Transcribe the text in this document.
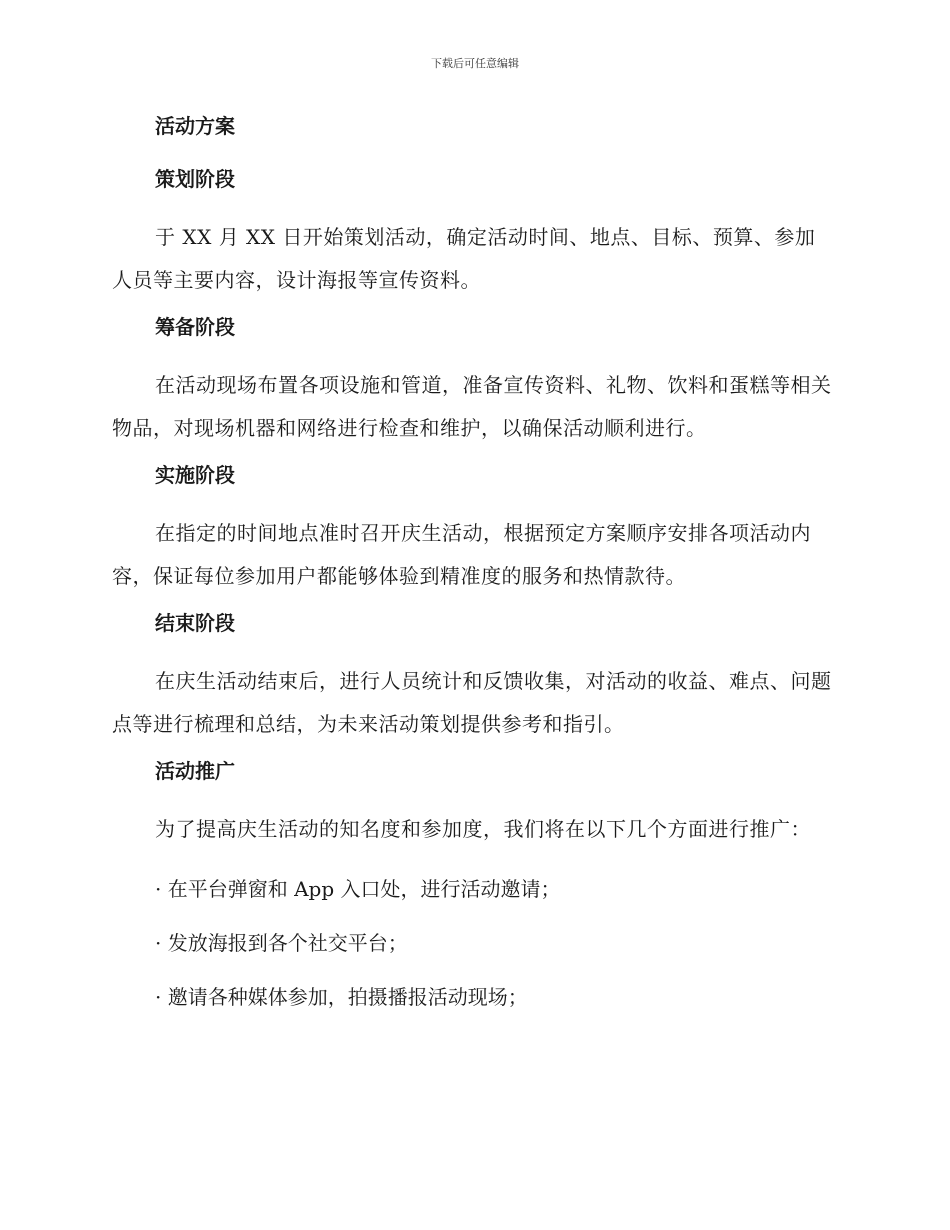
下载后可任意编辑
活动方案
策划阶段
于 XX 月 XX 日开始策划活动，确定活动时间、地点、目标、预算、参加人员等主要内容，设计海报等宣传资料。
筹备阶段
在活动现场布置各项设施和管道，准备宣传资料、礼物、饮料和蛋糕等相关物品，对现场机器和网络进行检查和维护，以确保活动顺利进行。
实施阶段
在指定的时间地点准时召开庆生活动，根据预定方案顺序安排各项活动内容，保证每位参加用户都能够体验到精准度的服务和热情款待。
结束阶段
在庆生活动结束后，进行人员统计和反馈收集，对活动的收益、难点、问题点等进行梳理和总结，为未来活动策划提供参考和指引。
活动推广
为了提高庆生活动的知名度和参加度，我们将在以下几个方面进行推广：
· 在平台弹窗和 App 入口处，进行活动邀请；
· 发放海报到各个社交平台；
· 邀请各种媒体参加，拍摄播报活动现场；
